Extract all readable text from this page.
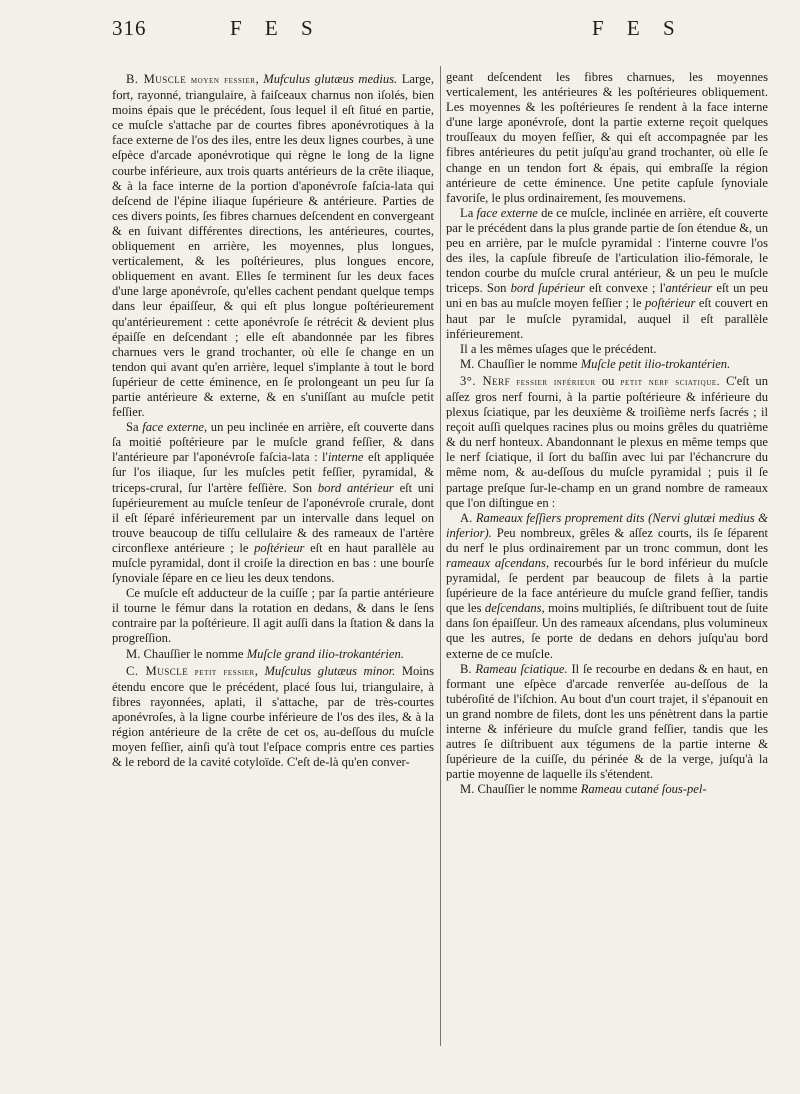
316	F E S	F E S

B. Muscle moyen fessier, Mufculus glutæus medius. Large, fort, rayonné, triangulaire, à faiſceaux charnus non iſolés, bien moins épais que le précédent, ſous lequel il eſt ſitué en partie, ce muſcle s'attache par de courtes fibres aponévrotiques à la face externe de l'os des iles, entre les deux lignes courbes, à une eſpèce d'arcade aponévrotique qui règne le long de la ligne courbe inférieure, aux trois quarts antérieurs de la crête iliaque, & à la face interne de la portion d'aponévroſe faſcia-lata qui deſcend de l'épine iliaque ſupérieure & antérieure. Parties de ces divers points, ſes fibres charnues deſcendent en convergeant & en ſuivant différentes directions, les antérieures, courtes, obliquement en arrière, les moyennes, plus longues, verticalement, & les poſtérieures, plus longues encore, obliquement en avant. Elles ſe terminent ſur les deux faces d'une large aponévroſe, qu'elles cachent pendant quelque temps dans leur épaiſſeur, & qui eſt plus longue poſtérieurement qu'antérieurement : cette aponévroſe ſe rétrécit & devient plus épaiſſe en deſcendant ; elle eſt abandonnée par les fibres charnues vers le grand trochanter, où elle ſe change en un tendon qui avant qu'en arrière, lequel s'implante à tout le bord ſupérieur de cette éminence, en ſe prolongeant un peu ſur ſa partie antérieure & externe, & en s'uniſſant au muſcle petit feſſier.

Sa face externe, un peu inclinée en arrière, eſt couverte dans ſa moitié poſtérieure par le muſcle grand feſſier, & dans l'antérieure par l'aponévroſe faſcia-lata : l'interne eſt appliquée ſur l'os iliaque, ſur les muſcles petit feſſier, pyramidal, & triceps-crural, ſur l'artère feſſière. Son bord antérieur eſt uni ſupérieurement au muſcle tenſeur de l'aponévroſe crurale, dont il eſt ſéparé inférieurement par un intervalle dans lequel on trouve beaucoup de tiſſu cellulaire & des rameaux de l'artère circonflexe antérieure ; le poſtérieur eſt en haut parallèle au muſcle pyramidal, dont il croiſe la direction en bas : une bourſe ſynoviale ſépare en ce lieu les deux tendons.

Ce muſcle eſt adducteur de la cuiſſe ; par ſa partie antérieure il tourne le fémur dans la rotation en dedans, & dans le ſens contraire par la poſtérieure. Il agit auſſi dans la ſtation & dans la progreſſion.

M. Chauſſier le nomme Muſcle grand ilio-trokantérien.

C. Muscle petit fessier, Muſculus glutæus minor. Moins étendu encore que le précédent, placé ſous lui, triangulaire, à fibres rayonnées, aplati, il s'attache, par de très-courtes aponévroſes, à la ligne courbe inférieure de l'os des iles, & à la région antérieure de la crête de cet os, au-deſſous du muſcle moyen feſſier, ainſi qu'à tout l'eſpace compris entre ces parties & le rebord de la cavité cotyloïde. C'eſt de-là qu'en conver-

geant deſcendent les fibres charnues, les moyennes verticalement, les antérieures & les poſtérieures obliquement. Les moyennes & les poſtérieures ſe rendent à la face interne d'une large aponévroſe, dont la partie externe reçoit quelques trouſſeaux du moyen feſſier, & qui eſt accompagnée par les fibres antérieures du petit juſqu'au grand trochanter, où elle ſe change en un tendon fort & épais, qui embraſſe la région antérieure de cette éminence. Une petite capſule ſynoviale favoriſe, le plus ordinairement, ſes mouvemens.

La face externe de ce muſcle, inclinée en arrière, eſt couverte par le précédent dans la plus grande partie de ſon étendue &, un peu en arrière, par le muſcle pyramidal : l'interne couvre l'os des iles, la capſule fibreuſe de l'articulation ilio-fémorale, le tendon courbe du muſcle crural antérieur, & un peu le muſcle triceps. Son bord ſupérieur eſt convexe ; l'antérieur eſt un peu uni en bas au muſcle moyen feſſier ; le poſtérieur eſt couvert en haut par le muſcle pyramidal, auquel il eſt parallèle inférieurement.

Il a les mêmes uſages que le précédent.

M. Chauſſier le nomme Muſcle petit ilio-trokantérien.

3°. Nerf fessier inférieur ou petit nerf sciatique. C'eſt un aſſez gros nerf fourni, à la partie poſtérieure & inférieure du plexus ſciatique, par les deuxième & troiſième nerfs ſacrés ; il reçoit auſſi quelques racines plus ou moins grêles du quatrième & du nerf honteux. Abandonnant le plexus en même temps que le nerf ſciatique, il ſort du baſſin avec lui par l'échancrure du même nom, & au-deſſous du muſcle pyramidal ; puis il ſe partage preſque ſur-le-champ en un grand nombre de rameaux que l'on diſtingue en :

A. Rameaux feſſiers proprement dits (Nervi glutæi medius & inferior). Peu nombreux, grêles & aſſez courts, ils ſe ſéparent du nerf le plus ordinairement par un tronc commun, dont les rameaux aſcendans, recourbés ſur le bord inférieur du muſcle pyramidal, ſe perdent par beaucoup de filets à la partie ſupérieure de la face antérieure du muſcle grand feſſier, tandis que les deſcendans, moins multipliés, ſe diſtribuent tout de ſuite dans ſon épaiſſeur. Un des rameaux aſcendans, plus volumineux que les autres, ſe porte de dedans en dehors juſqu'au bord externe de ce muſcle.

B. Rameau ſciatique. Il ſe recourbe en dedans & en haut, en formant une eſpèce d'arcade renverſée au-deſſous de la tubéroſité de l'iſchion. Au bout d'un court trajet, il s'épanouit en un grand nombre de filets, dont les uns pénètrent dans la partie interne & inférieure du muſcle grand feſſier, tandis que les autres ſe diſtribuent aux tégumens de la partie interne & ſupérieure de la cuiſſe, du périnée & de la verge, juſqu'à la partie moyenne de laquelle ils s'étendent.

M. Chauſſier le nomme Rameau cutané ſous-pel-
